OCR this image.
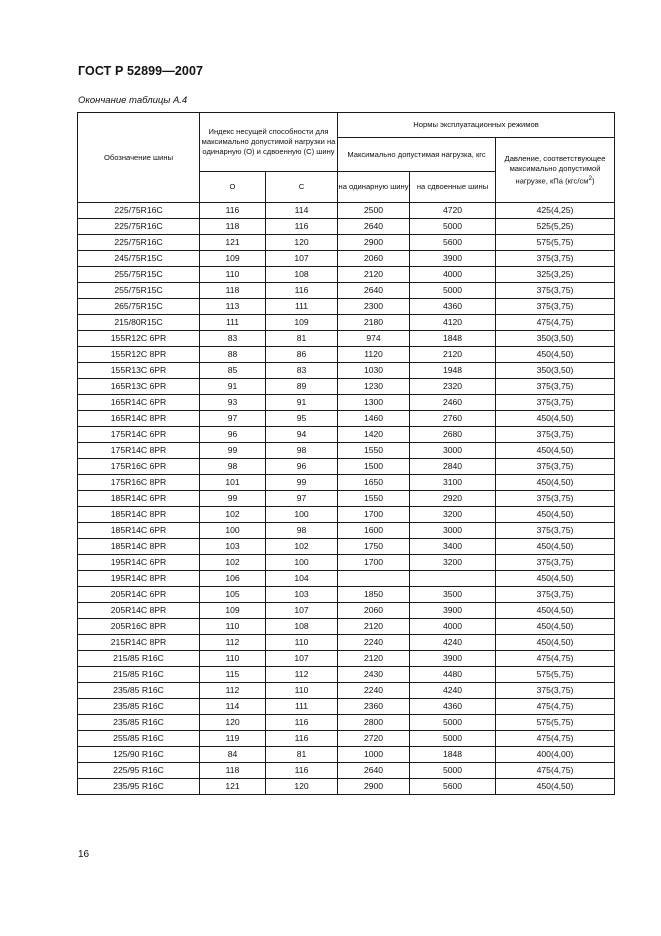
ГОСТ Р 52899—2007
Окончание таблицы А.4
Обозначение шины	Индекс несущей способности для максимально допустимой нагрузки на одинарную (О) и сдвоенную (С) шину		Нормы эксплуатационных режимов		
			Максимально допустимая нагрузка, кгс		Давление, соответствующее максимально допустимой нагрузке, кПа $(кгс/см^2)$
			на одинарную шину	на сдвоенные шины	
	О	С			
225/75R16C	116	114	2500	4720	425(4,25)
225/75R16C	118	116	2640	5000	525(5,25)
225/75R16C	121	120	2900	5600	575(5,75)
245/75R15C	109	107	2060	3900	375(3,75)
255/75R15C	110	108	2120	4000	325(3,25)
255/75R15C	118	116	2640	5000	375(3,75)
265/75R15C	113	111	2300	4360	375(3,75)
215/80R15C	111	109	2180	4120	475(4,75)
155R12C 6PR	83	81	974	1848	350(3,50)
155R12C 8PR	88	86	1120	2120	450(4,50)
155R13C 6PR	85	83	1030	1948	350(3,50)
165R13C 6PR	91	89	1230	2320	375(3,75)
165R14C 6PR	93	91	1300	2460	375(3,75)
165R14C 8PR	97	95	1460	2760	450(4,50)
175R14C 6PR	96	94	1420	2680	375(3,75)
175R14C 8PR	99	98	1550	3000	450(4,50)
175R16C 6PR	98	96	1500	2840	375(3,75)
175R16C 8PR	101	99	1650	3100	450(4,50)
185R14C 6PR	99	97	1550	2920	375(3,75)
185R14C 8PR	102	100	1700	3200	450(4,50)
185R14C 6PR	100	98	1600	3000	375(3,75)
185R14C 8PR	103	102	1750	3400	450(4,50)
195R14C 6PR	102	100	1700	3200	375(3,75)
195R14C 8PR	106	104			450(4,50)
205R14C 6PR	105	103	1850	3500	375(3,75)
205R14C 8PR	109	107	2060	3900	450(4,50)
205R16C 8PR	110	108	2120	4000	450(4,50)
215R14C 8PR	112	110	2240	4240	450(4,50)
215/85 R16C	110	107	2120	3900	475(4,75)
215/85 R16C	115	112	2430	4480	575(5,75)
235/85 R16C	112	110	2240	4240	375(3,75)
235/85 R16C	114	111	2360	4360	475(4,75)
235/85 R16C	120	116	2800	5000	575(5,75)
255/85 R16C	119	116	2720	5000	475(4,75)
125/90 R16C	84	81	1000	1848	400(4,00)
225/95 R16C	118	116	2640	5000	475(4,75)
235/95 R16C	121	120	2900	5600	450(4,50)
16
